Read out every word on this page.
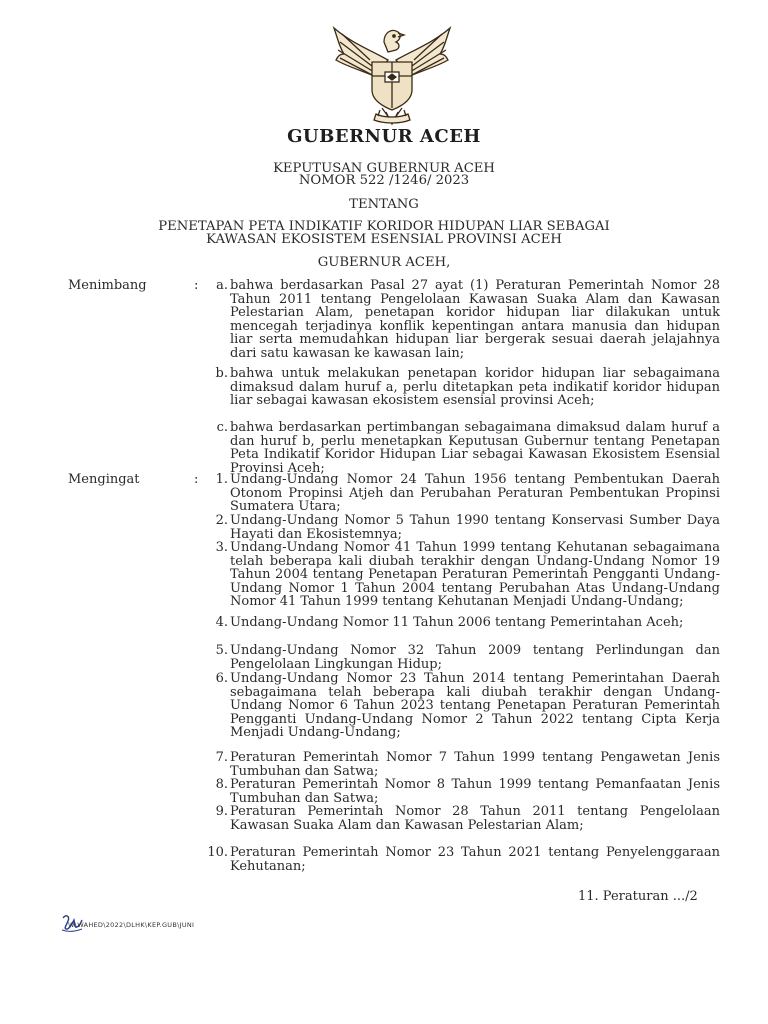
GUBERNUR ACEH
KEPUTUSAN GUBERNUR ACEH
NOMOR 522 /1246/ 2023
TENTANG
PENETAPAN PETA INDIKATIF KORIDOR HIDUPAN LIAR SEBAGAI
KAWASAN EKOSISTEM ESENSIAL PROVINSI ACEH
GUBERNUR ACEH,
Menimbang	:	a. bahwa berdasarkan Pasal 27 ayat (1) Peraturan Pemerintah Nomor 28 Tahun 2011 tentang Pengelolaan Kawasan Suaka Alam dan Kawasan Pelestarian Alam, penetapan koridor hidupan liar dilakukan untuk mencegah terjadinya konflik kepentingan antara manusia dan hidupan liar serta memudahkan hidupan liar bergerak sesuai daerah jelajahnya dari satu kawasan ke kawasan lain;
b. bahwa untuk melakukan penetapan koridor hidupan liar sebagaimana dimaksud dalam huruf a, perlu ditetapkan peta indikatif koridor hidupan liar sebagai kawasan ekosistem esensial provinsi Aceh;
c. bahwa berdasarkan pertimbangan sebagaimana dimaksud dalam huruf a dan huruf b, perlu menetapkan Keputusan Gubernur tentang Penetapan Peta Indikatif Koridor Hidupan Liar sebagai Kawasan Ekosistem Esensial Provinsi Aceh;
Mengingat	:	1. Undang-Undang Nomor 24 Tahun 1956 tentang Pembentukan Daerah Otonom Propinsi Atjeh dan Perubahan Peraturan Pembentukan Propinsi Sumatera Utara;
2. Undang-Undang Nomor 5 Tahun 1990 tentang Konservasi Sumber Daya Hayati dan Ekosistemnya;
3. Undang-Undang Nomor 41 Tahun 1999 tentang Kehutanan sebagaimana telah beberapa kali diubah terakhir dengan Undang-Undang Nomor 19 Tahun 2004 tentang Penetapan Peraturan Pemerintah Pengganti Undang-Undang Nomor 1 Tahun 2004 tentang Perubahan Atas Undang-Undang Nomor 41 Tahun 1999 tentang Kehutanan Menjadi Undang-Undang;
4. Undang-Undang Nomor 11 Tahun 2006 tentang Pemerintahan Aceh;
5. Undang-Undang Nomor 32 Tahun 2009 tentang Perlindungan dan Pengelolaan Lingkungan Hidup;
6. Undang-Undang Nomor 23 Tahun 2014 tentang Pemerintahan Daerah sebagaimana telah beberapa kali diubah terakhir dengan Undang-Undang Nomor 6 Tahun 2023 tentang Penetapan Peraturan Pemerintah Pengganti Undang-Undang Nomor 2 Tahun 2022 tentang Cipta Kerja Menjadi Undang-Undang;
7. Peraturan Pemerintah Nomor 7 Tahun 1999 tentang Pengawetan Jenis Tumbuhan dan Satwa;
8. Peraturan Pemerintah Nomor 8 Tahun 1999 tentang Pemanfaatan Jenis Tumbuhan dan Satwa;
9. Peraturan Pemerintah Nomor 28 Tahun 2011 tentang Pengelolaan Kawasan Suaka Alam dan Kawasan Pelestarian Alam;
10. Peraturan Pemerintah Nomor 23 Tahun 2021 tentang Penyelenggaraan Kehutanan;
11. Peraturan .../2
W\WAHED\2022\DLHK\KEP.GUB\JUNI
